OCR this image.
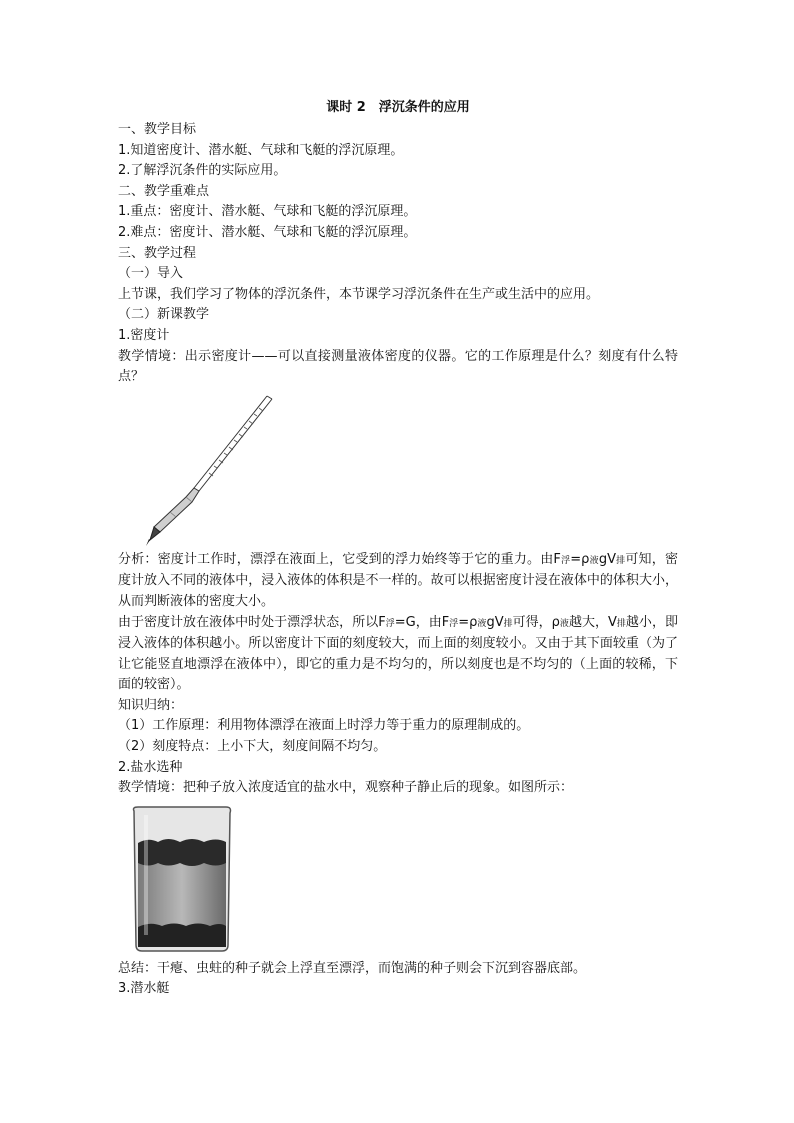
课时 2　浮沉条件的应用
一、教学目标
1.知道密度计、潜水艇、气球和飞艇的浮沉原理。
2.了解浮沉条件的实际应用。
二、教学重难点
1.重点：密度计、潜水艇、气球和飞艇的浮沉原理。
2.难点：密度计、潜水艇、气球和飞艇的浮沉原理。
三、教学过程
（一）导入
上节课，我们学习了物体的浮沉条件，本节课学习浮沉条件在生产或生活中的应用。
（二）新课教学
1.密度计
教学情境：出示密度计——可以直接测量液体密度的仪器。它的工作原理是什么？刻度有什么特点？
分析：密度计工作时，漂浮在液面上，它受到的浮力始终等于它的重力。由F浮=ρ液gV排可知，密度计放入不同的液体中，浸入液体的体积是不一样的。故可以根据密度计浸在液体中的体积大小，从而判断液体的密度大小。
由于密度计放在液体中时处于漂浮状态，所以F浮=G，由F浮=ρ液gV排可得，ρ液越大，V排越小，即浸入液体的体积越小。所以密度计下面的刻度较大，而上面的刻度较小。又由于其下面较重（为了让它能竖直地漂浮在液体中），即它的重力是不均匀的，所以刻度也是不均匀的（上面的较稀，下面的较密）。
知识归纳：
（1）工作原理：利用物体漂浮在液面上时浮力等于重力的原理制成的。
（2）刻度特点：上小下大，刻度间隔不均匀。
2.盐水选种
教学情境：把种子放入浓度适宜的盐水中，观察种子静止后的现象。如图所示：
总结：干瘪、虫蛀的种子就会上浮直至漂浮，而饱满的种子则会下沉到容器底部。
3.潜水艇
